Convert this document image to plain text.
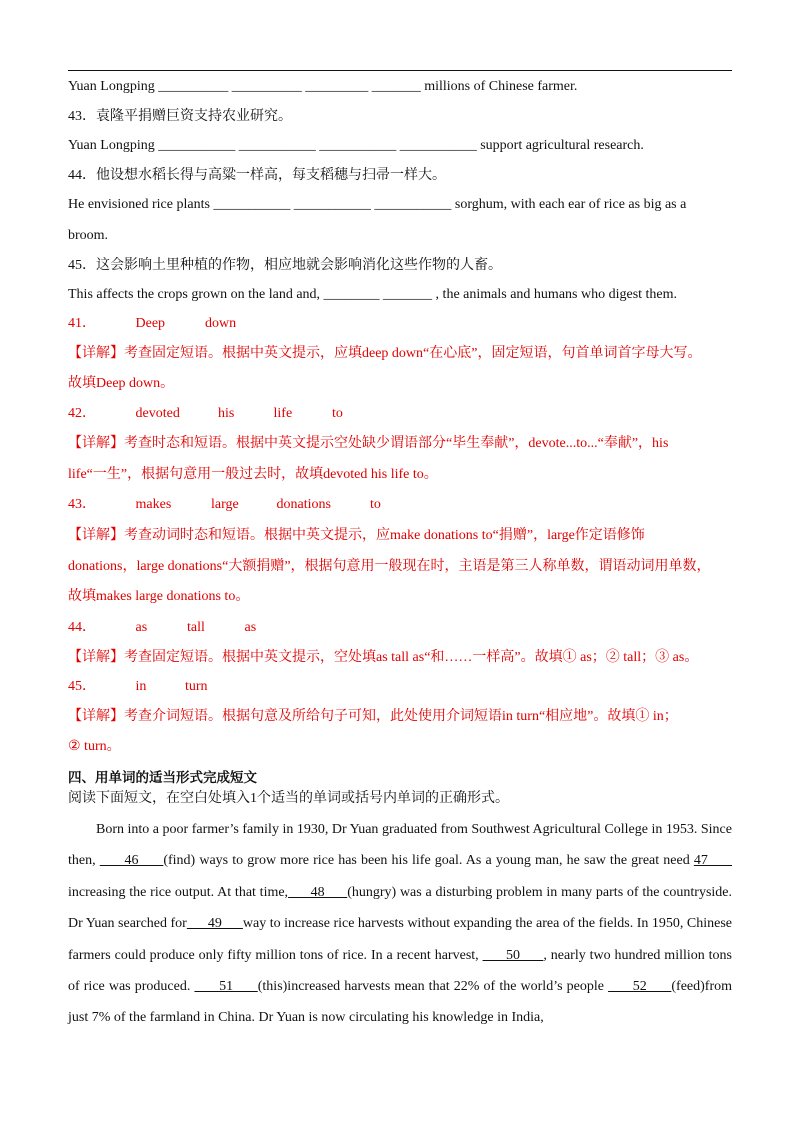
Yuan Longping __________ __________ _________ _______ millions of Chinese farmer.
43．袁隆平捐赠巨资支持农业研究。
Yuan Longping ___________ ___________ ___________ ___________ support agricultural research.
44．他设想水稻长得与高粱一样高，每支稻穗与扫帚一样大。
He envisioned rice plants ___________ ___________ ___________ sorghum, with each ear of rice as big as a
broom.
45．这会影响土里种植的作物，相应地就会影响消化这些作物的人畜。
This affects the crops grown on the land and, ________ _______ , the animals and humans who digest them.
41．	Deep	down
【详解】考查固定短语。根据中英文提示，应填deep down“在心底”，固定短语，句首单词首字母大写。
故填Deep down。
42．	devoted	his	life	to
【详解】考查时态和短语。根据中英文提示空处缺少谓语部分“毕生奉献”，devote...to...“奉献”，his
life“一生”，根据句意用一般过去时，故填devoted his life to。
43．	makes	large	donations	to
【详解】考查动词时态和短语。根据中英文提示，应make donations to“捐赠”，large作定语修饰
donations，large donations“大额捐赠”，根据句意用一般现在时，主语是第三人称单数，谓语动词用单数，
故填makes large donations to。
44．	as	tall	as
【详解】考查固定短语。根据中英文提示，空处填as tall as“和……一样高”。故填① as；② tall；③ as。
45．	in	turn
【详解】考查介词短语。根据句意及所给句子可知，此处使用介词短语in turn“相应地”。故填① in；
② turn。
四、用单词的适当形式完成短文
阅读下面短文，在空白处填入1个适当的单词或括号内单词的正确形式。
Born into a poor farmer’s family in 1930, Dr Yuan graduated from Southwest Agricultural College in 1953. Since then,       46      (find) ways to grow more rice has been his life goal. As a young man, he saw the great need 47       increasing the rice output. At that time,      48      (hungry) was a disturbing problem in many parts of the countryside. Dr Yuan searched for      49      way to increase rice harvests without expanding the area of the fields. In 1950, Chinese farmers could produce only fifty million tons of rice. In a recent harvest,       50      , nearly two hundred million tons of rice was produced.       51      (this)increased harvests mean that 22% of the world’s people       52      (feed)from just 7% of the farmland in China. Dr Yuan is now circulating his knowledge in India,
